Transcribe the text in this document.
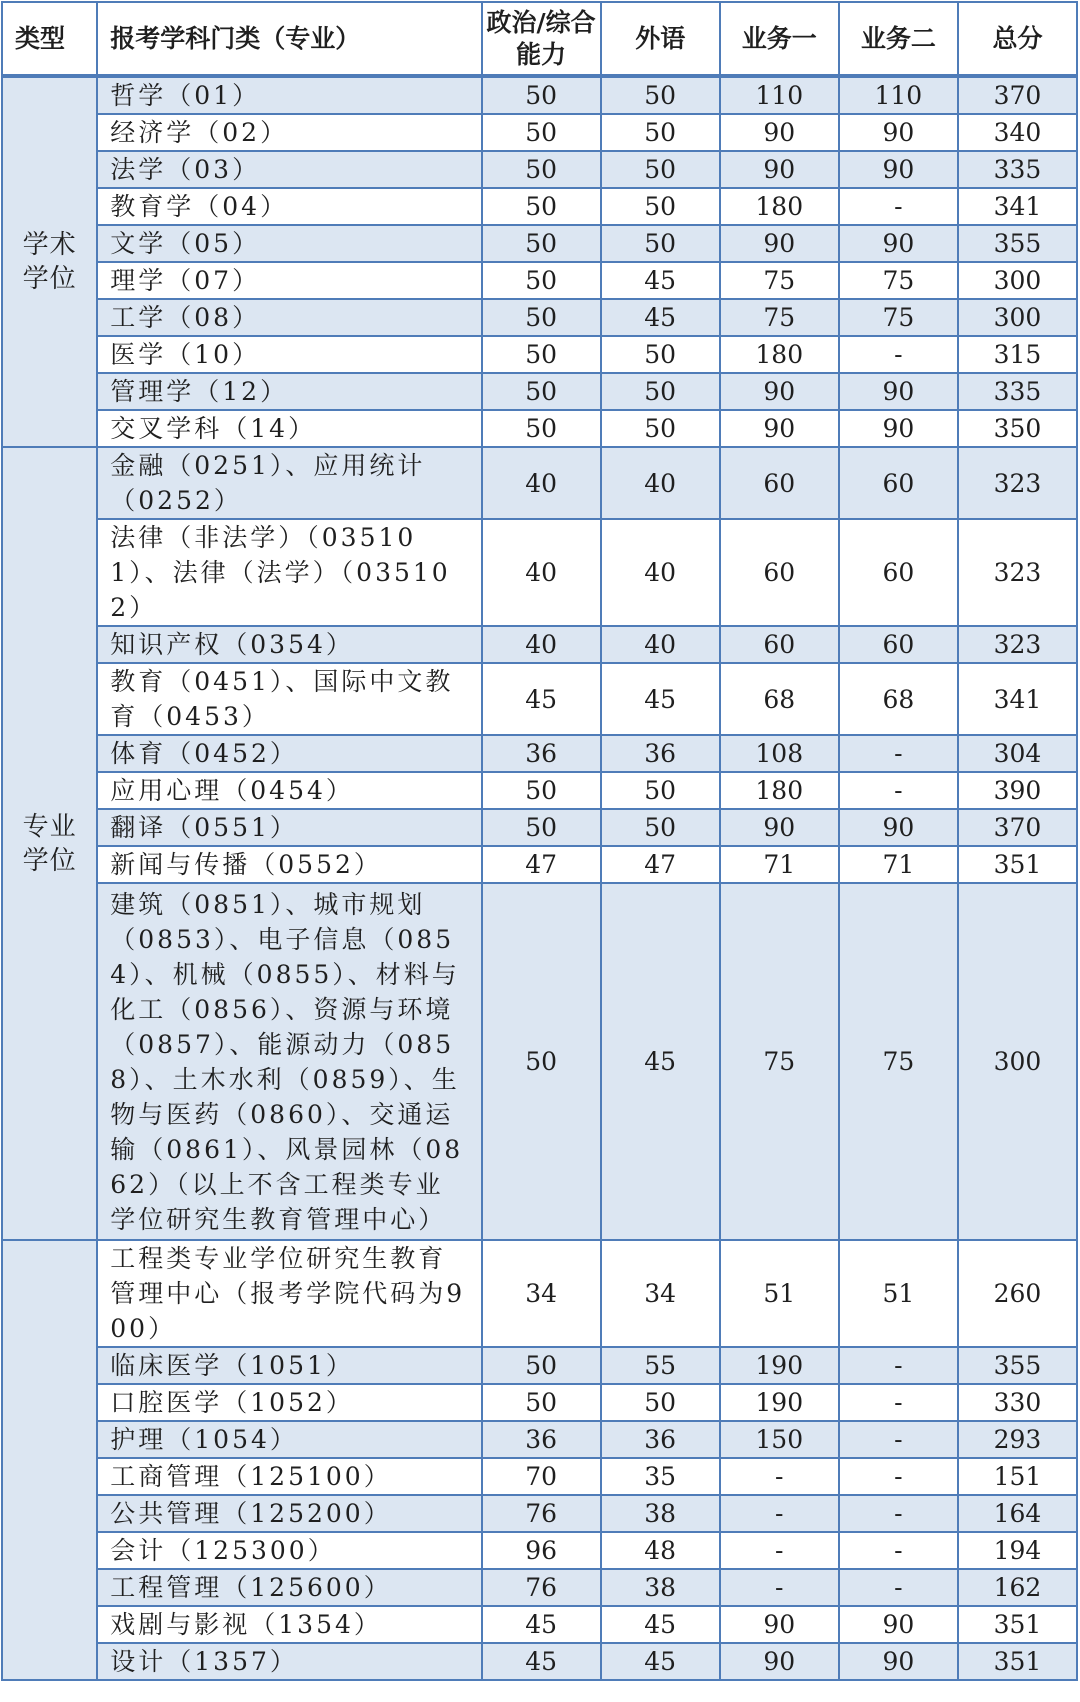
类型	报考学科门类（专业）	政治/综合能力	外语	业务一	业务二	总分
学术学位	哲学（01）	50	50	110	110	370
	经济学（02）	50	50	90	90	340
	法学（03）	50	50	90	90	335
	教育学（04）	50	50	180	-	341
	文学（05）	50	50	90	90	355
	理学（07）	50	45	75	75	300
	工学（08）	50	45	75	75	300
	医学（10）	50	50	180	-	315
	管理学（12）	50	50	90	90	335
	交叉学科（14）	50	50	90	90	350
专业学位	金融（0251）、应用统计（0252）	40	40	60	60	323
	法律（非法学）（035101）、法律（法学）（035102）	40	40	60	60	323
	知识产权（0354）	40	40	60	60	323
	教育（0451）、国际中文教育（0453）	45	45	68	68	341
	体育（0452）	36	36	108	-	304
	应用心理（0454）	50	50	180	-	390
	翻译（0551）	50	50	90	90	370
	新闻与传播（0552）	47	47	71	71	351
	建筑（0851）、城市规划（0853）、电子信息（0854）、机械（0855）、材料与化工（0856）、资源与环境（0857）、能源动力（0858）、土木水利（0859）、生物与医药（0860）、交通运输（0861）、风景园林（0862）（以上不含工程类专业学位研究生教育管理中心）	50	45	75	75	300
	工程类专业学位研究生教育管理中心（报考学院代码为900）	34	34	51	51	260
	临床医学（1051）	50	55	190	-	355
	口腔医学（1052）	50	50	190	-	330
	护理（1054）	36	36	150	-	293
	工商管理（125100）	70	35	-	-	151
	公共管理（125200）	76	38	-	-	164
	会计（125300）	96	48	-	-	194
	工程管理（125600）	76	38	-	-	162
	戏剧与影视（1354）	45	45	90	90	351
	设计（1357）	45	45	90	90	351
